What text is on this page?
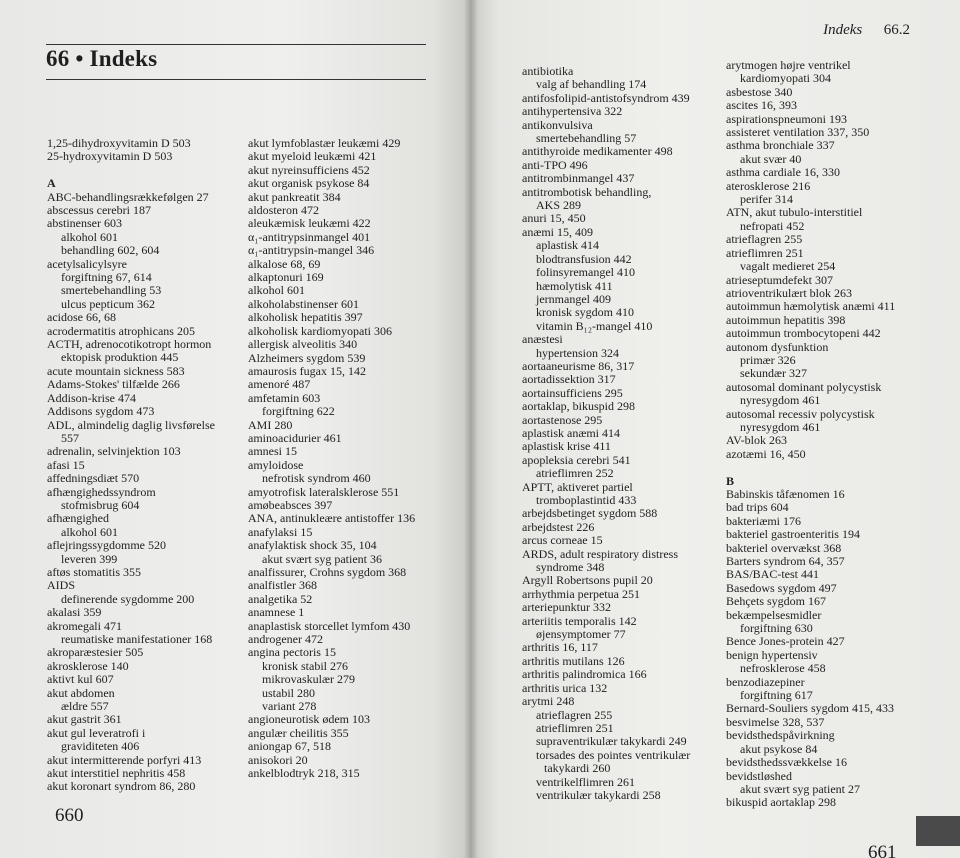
66 • Indeks
1,25-dihydroxyvitamin D 503
25-hydroxyvitamin D 503
A
ABC-behandlingsrækkefølgen 27
abscessus cerebri 187
abstinenser 603
alkohol 601
behandling 602, 604
acetylsalicylsyre
forgiftning 67, 614
smertebehandling 53
ulcus pepticum 362
acidose 66, 68
acrodermatitis atrophicans 205
ACTH, adrenocotikotropt hormon
ektopisk produktion 445
acute mountain sickness 583
Adams-Stokes' tilfælde 266
Addison-krise 474
Addisons sygdom 473
ADL, almindelig daglig livsførelse
557
adrenalin, selvinjektion 103
afasi 15
affedningsdiæt 570
afhængighedssyndrom
stofmisbrug 604
afhængighed
alkohol 601
aflejringssygdomme 520
leveren 399
aftøs stomatitis 355
AIDS
definerende sygdomme 200
akalasi 359
akromegali 471
reumatiske manifestationer 168
akroparæstesier 505
akrosklerose 140
aktivt kul 607
akut abdomen
ældre 557
akut gastrit 361
akut gul leveratrofi i
graviditeten 406
akut intermitterende porfyri 413
akut interstitiel nephritis 458
akut koronart syndrom 86, 280
akut lymfoblastær leukæmi 429
akut myeloid leukæmi 421
akut nyreinsufficiens 452
akut organisk psykose 84
akut pankreatit 384
aldosteron 472
aleukæmisk leukæmi 422
α₁-antitrypsinmangel 401
α₁-antitrypsin-mangel 346
alkalose 68, 69
alkaptonuri 169
alkohol 601
alkoholabstinenser 601
alkoholisk hepatitis 397
alkoholisk kardiomyopati 306
allergisk alveolitis 340
Alzheimers sygdom 539
amaurosis fugax 15, 142
amenoré 487
amfetamin 603
forgiftning 622
AMI 280
aminoacidurier 461
amnesi 15
amyloidose
nefrotisk syndrom 460
amyotrofisk lateralsklerose 551
amøbeabsces 397
ANA, antinukleære antistoffer 136
anafylaksi 15
anafylaktisk shock 35, 104
akut svært syg patient 36
analfissurer, Crohns sygdom 368
analfistler 368
analgetika 52
anamnese 1
anaplastisk storcellet lymfom 430
androgener 472
angina pectoris 15
kronisk stabil 276
mikrovaskulær 279
ustabil 280
variant 278
angioneurotisk ødem 103
angulær cheilitis 355
aniongap 67, 518
anisokori 20
ankelblodtryk 218, 315
660
Indeks 66.2
antibiotika
valg af behandling 174
antifosfolipid-antistofsyndrom 439
antihypertensiva 322
antikonvulsiva
smertebehandling 57
antithyroide medikamenter 498
anti-TPO 496
antitrombinmangel 437
antitrombotisk behandling,
AKS 289
anuri 15, 450
anæmi 15, 409
aplastisk 414
blodtransfusion 442
folinsyremangel 410
hæmolytisk 411
jernmangel 409
kronisk sygdom 410
vitamin B₁₂-mangel 410
anæstesi
hypertension 324
aortaaneurisme 86, 317
aortadissektion 317
aortainsufficiens 295
aortaklap, bikuspid 298
aortastenose 295
aplastisk anæmi 414
aplastisk krise 411
apopleksia cerebri 541
atrieflimren 252
APTT, aktiveret partiel
tromboplastintid 433
arbejdsbetinget sygdom 588
arbejdstest 226
arcus corneae 15
ARDS, adult respiratory distress
syndrome 348
Argyll Robertsons pupil 20
arrhythmia perpetua 251
arteriepunktur 332
arteriitis temporalis 142
øjensymptomer 77
arthritis 16, 117
arthritis mutilans 126
arthritis palindromica 166
arthritis urica 132
arytmi 248
atrieflagren 255
atrieflimren 251
supraventrikulær takykardi 249
torsades des pointes ventrikulær
takykardi 260
ventrikelflimren 261
ventrikulær takykardi 258
arytmogen højre ventrikel
kardiomyopati 304
asbestose 340
ascites 16, 393
aspirationspneumoni 193
assisteret ventilation 337, 350
asthma bronchiale 337
akut svær 40
asthma cardiale 16, 330
aterosklerose 216
perifer 314
ATN, akut tubulo-interstitiel
nefropati 452
atrieflagren 255
atrieflimren 251
vagalt medieret 254
atrieseptumdefekt 307
atrioventrikulært blok 263
autoimmun hæmolytisk anæmi 411
autoimmun hepatitis 398
autoimmun trombocytopeni 442
autonom dysfunktion
primær 326
sekundær 327
autosomal dominant polycystisk
nyresygdom 461
autosomal recessiv polycystisk
nyresygdom 461
AV-blok 263
azotæmi 16, 450
B
Babinskis tåfænomen 16
bad trips 604
bakteriæmi 176
bakteriel gastroenteritis 194
bakteriel overvækst 368
Barters syndrom 64, 357
BAS/BAC-test 441
Basedows sygdom 497
Behçets sygdom 167
bekæmpelsesmidler
forgiftning 630
Bence Jones-protein 427
benign hypertensiv
nefrosklerose 458
benzodiazepiner
forgiftning 617
Bernard-Souliers sygdom 415, 433
besvimelse 328, 537
bevidsthedspåvirkning
akut psykose 84
bevidsthedssvækkelse 16
bevidstløshed
akut svært syg patient 27
bikuspid aortaklap 298
661
